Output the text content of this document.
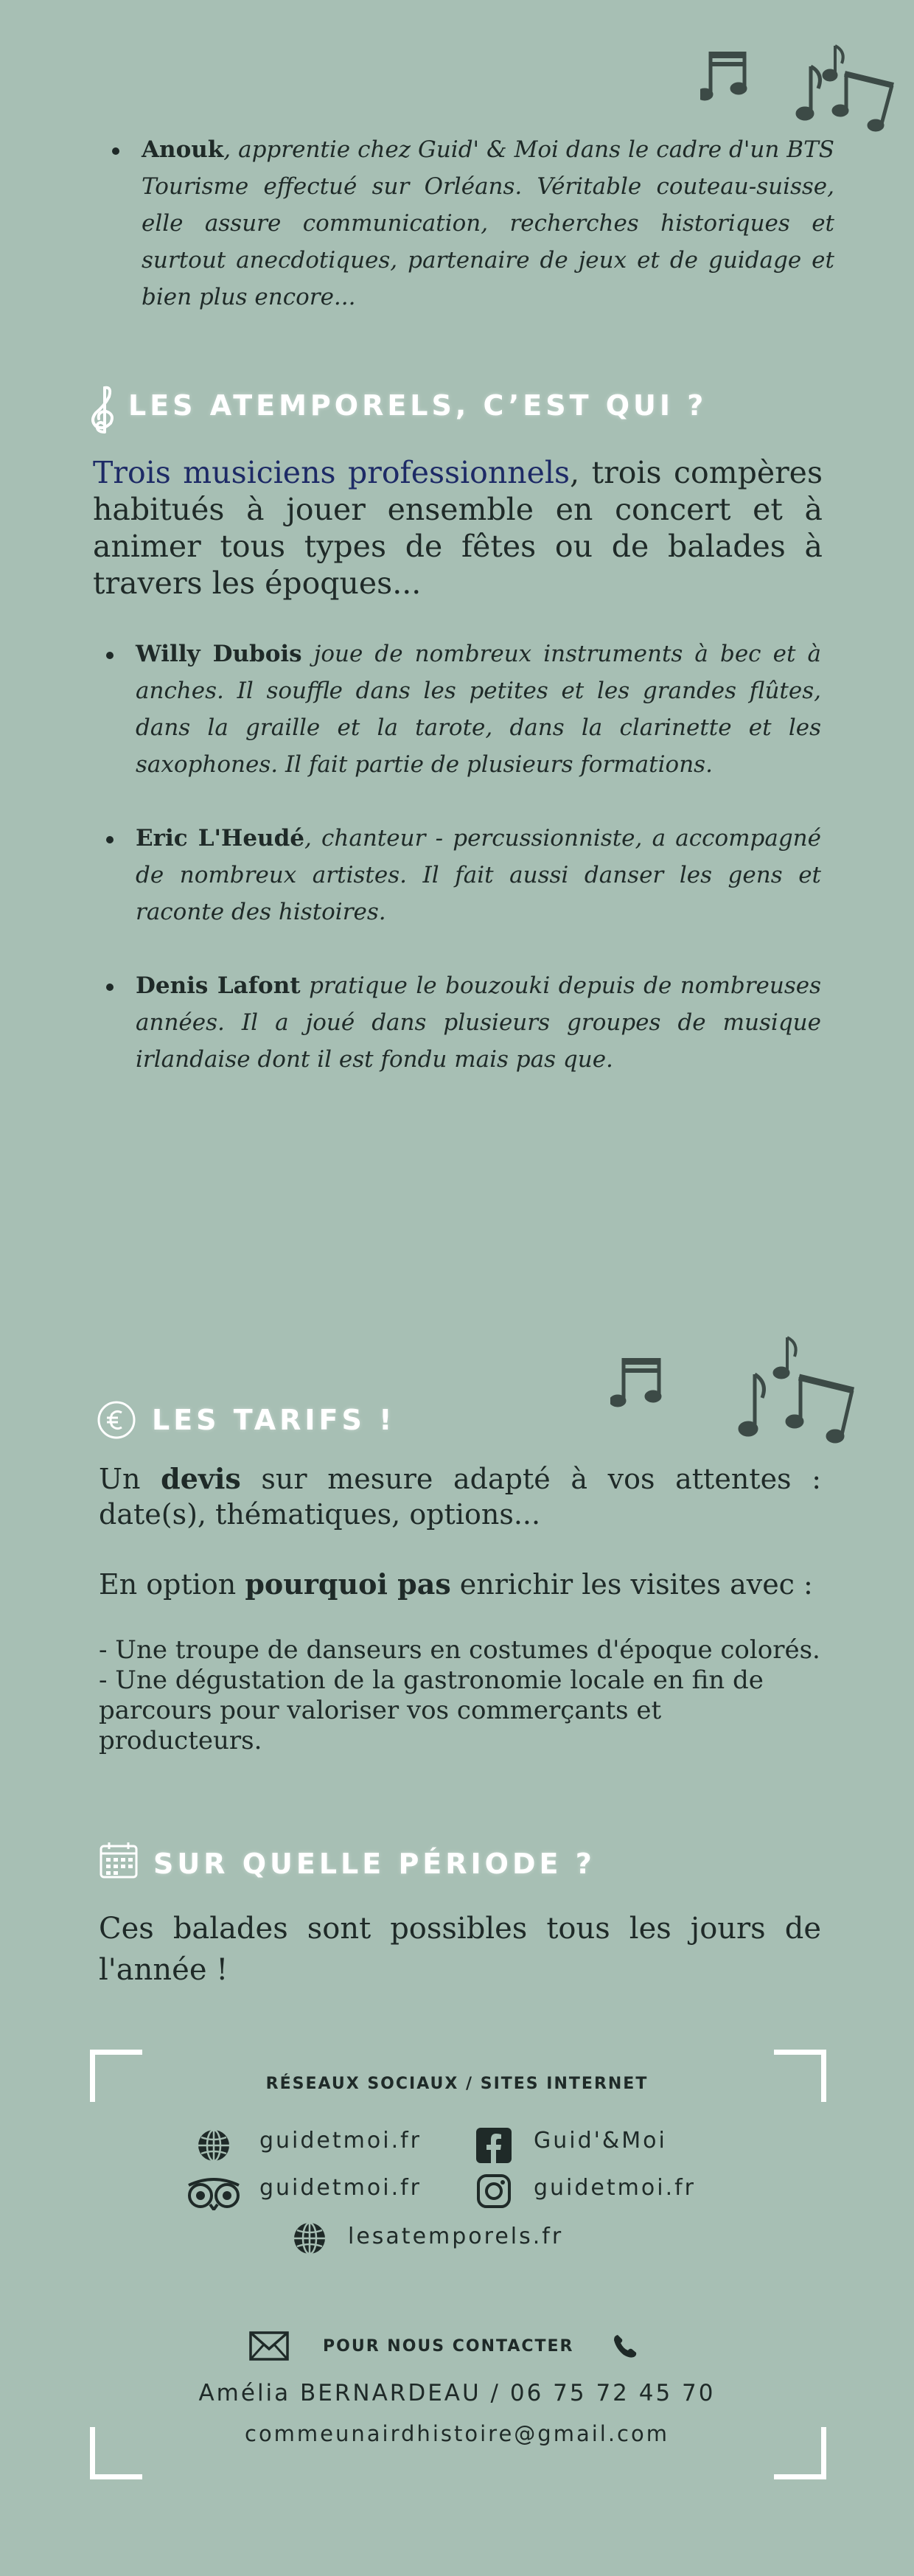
Anouk, apprentie chez Guid' & Moi dans le cadre d'un BTS Tourisme effectué sur Orléans. Véritable couteau-suisse, elle assure communication, recherches historiques et surtout anecdotiques, partenaire de jeux et de guidage et bien plus encore...
LES ATEMPORELS, C’EST QUI ?
Trois musiciens professionnels, trois compères habitués à jouer ensemble en concert et à animer tous types de fêtes ou de balades à travers les époques...
Willy Dubois joue de nombreux instruments à bec et à anches. Il souffle dans les petites et les grandes flûtes, dans la graille et la tarote, dans la clarinette et les saxophones. Il fait partie de plusieurs formations.
Eric L'Heudé, chanteur - percussionniste, a accompagné de nombreux artistes. Il fait aussi danser les gens et raconte des histoires.
Denis Lafont pratique le bouzouki depuis de nombreuses années. Il a joué dans plusieurs groupes de musique irlandaise dont il est fondu mais pas que.
LES TARIFS !
Un devis sur mesure adapté à vos attentes : date(s), thématiques, options...
En option pourquoi pas enrichir les visites avec :
- Une troupe de danseurs en costumes d'époque colorés.
- Une dégustation de la gastronomie locale en fin de parcours pour valoriser vos commerçants et producteurs.
SUR QUELLE PÉRIODE ?
Ces balades sont possibles tous les jours de l'année !
RÉSEAUX SOCIAUX / SITES INTERNET
guidetmoi.fr	Guid'&Moi
guidetmoi.fr	guidetmoi.fr
lesatemporels.fr
POUR NOUS CONTACTER
Amélia BERNARDEAU / 06 75 72 45 70
commeunairdhistoire@gmail.com
